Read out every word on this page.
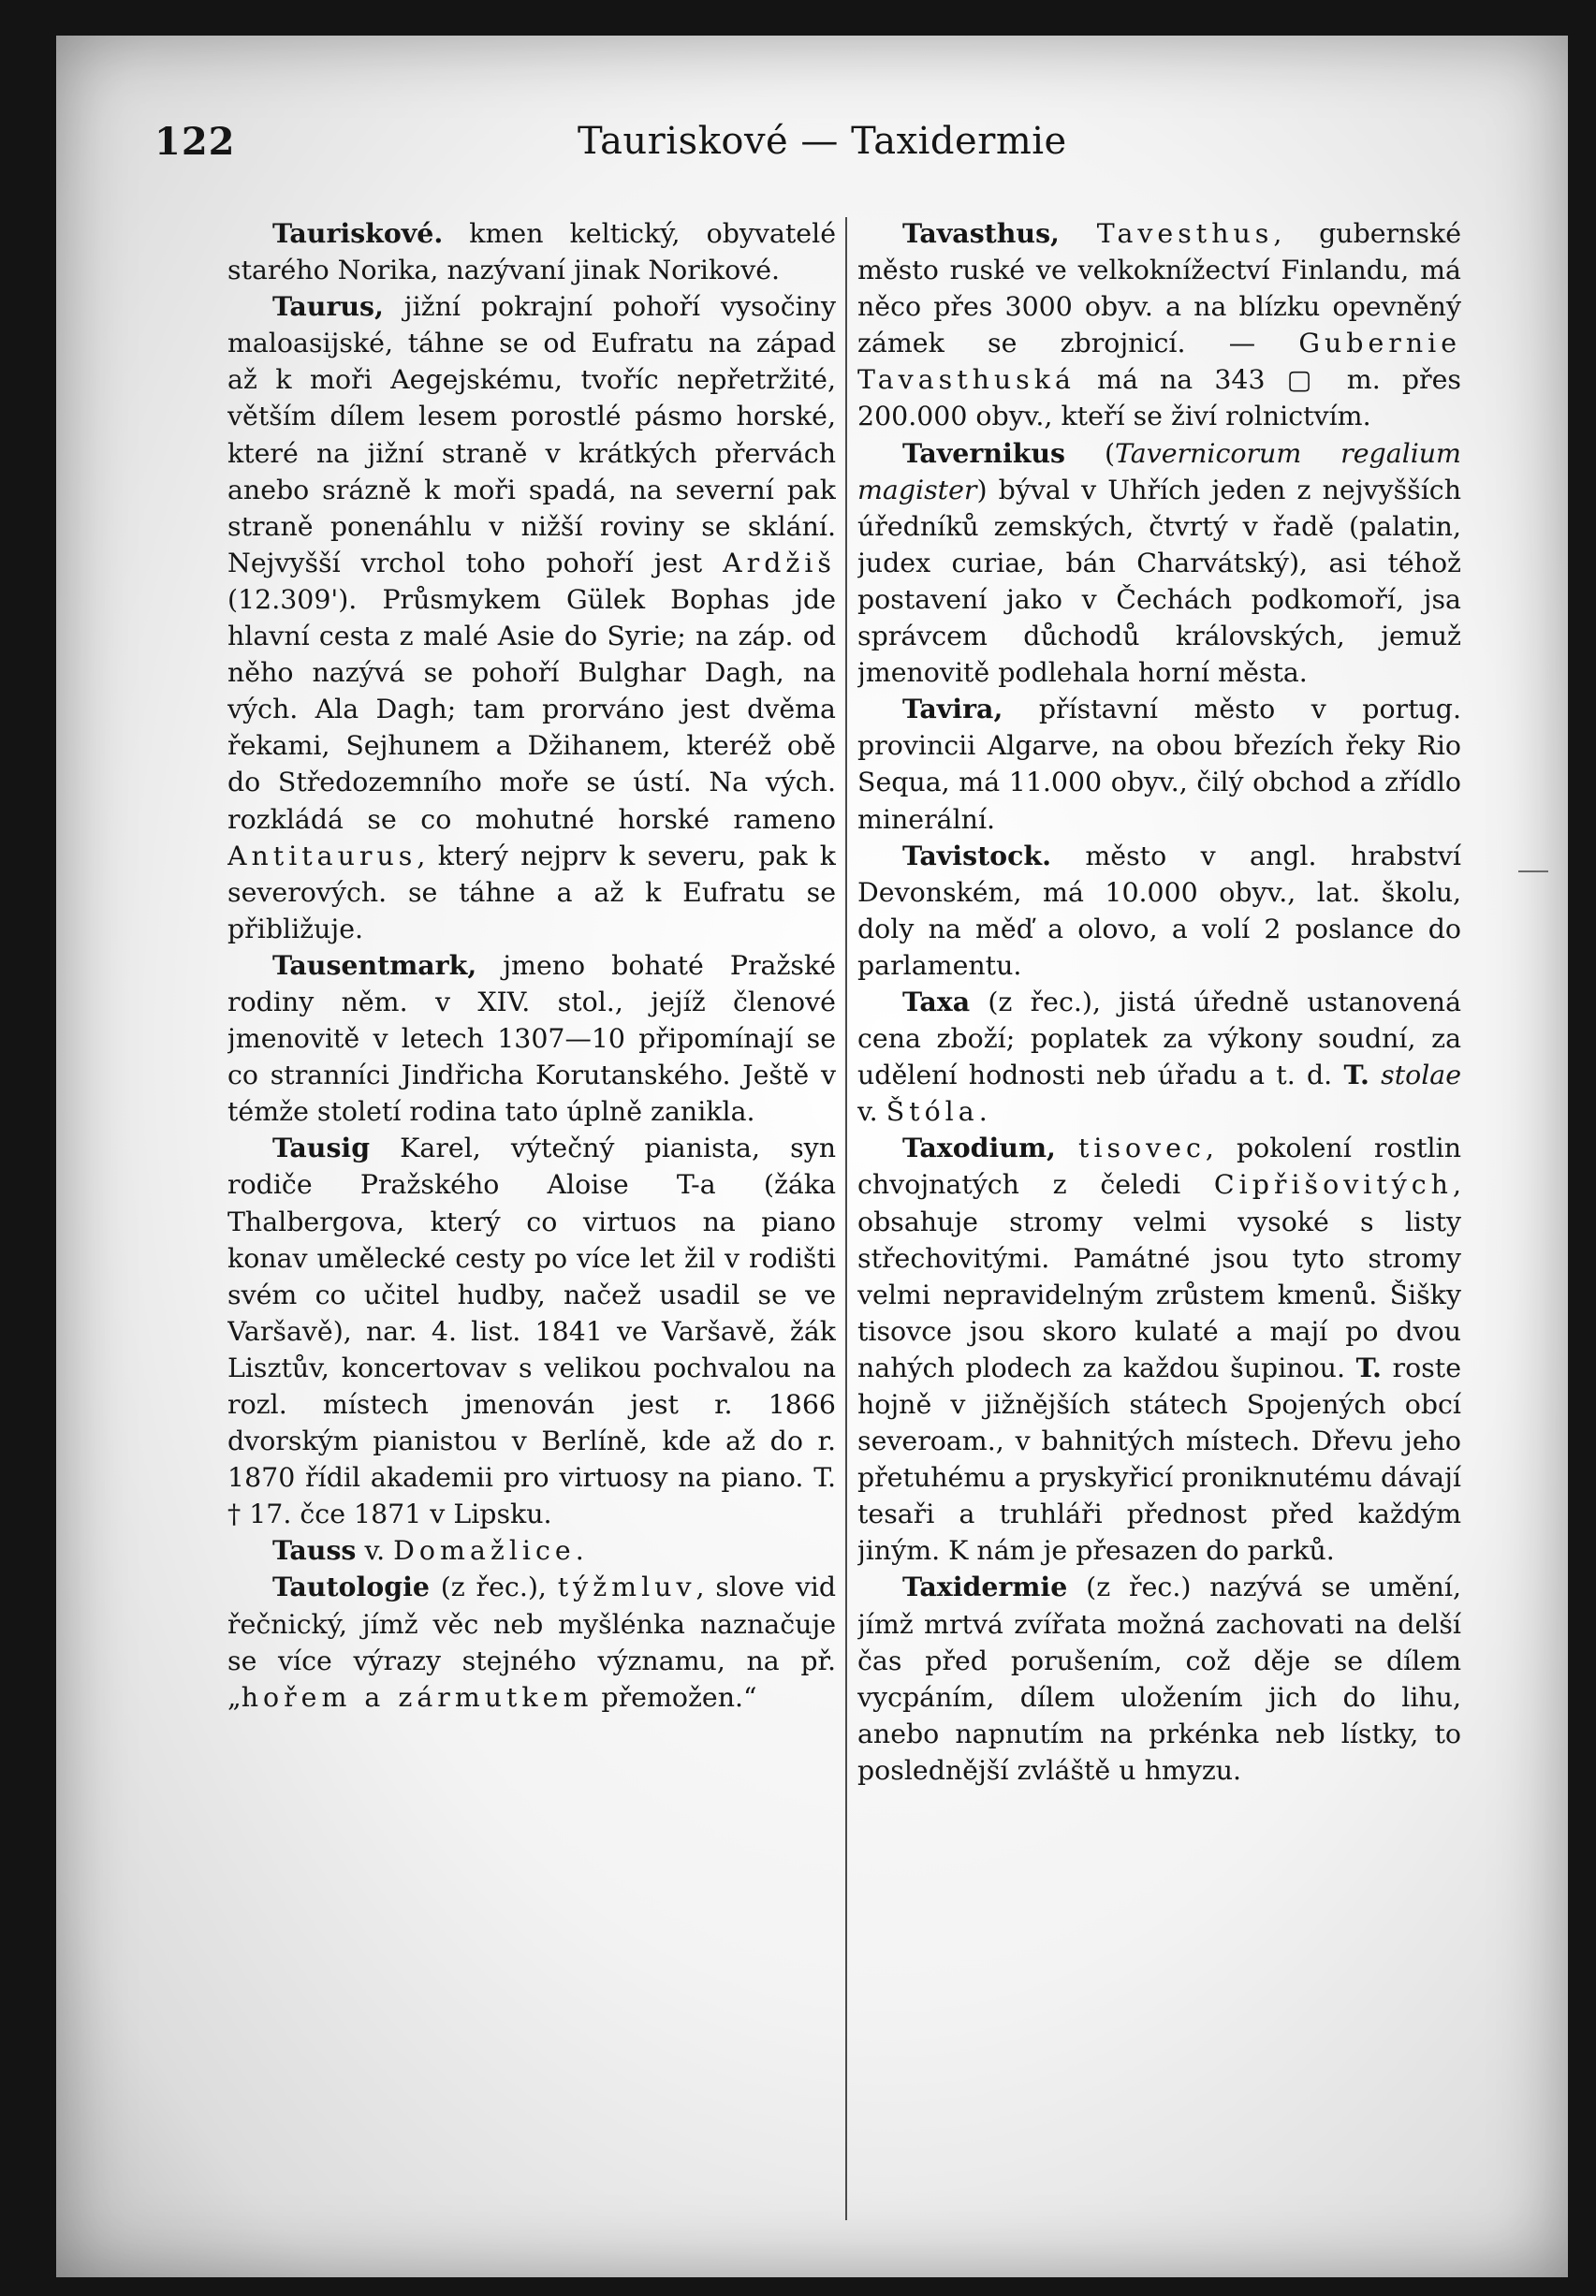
122	Tauriskové — Taxidermie

Tauriskové. kmen keltický, obyvatelé starého Norika, nazývaní jinak Norikové.

Taurus, jižní pokrajní pohoří vysočiny maloasijské, táhne se od Eufratu na západ až k moři Aegejskému, tvoříc nepřetržité, větším dílem lesem porostlé pásmo horské, které na jižní straně v krátkých přervách anebo srázně k moři spadá, na severní pak straně ponenáhlu v nižší roviny se sklání. Nejvyšší vrchol toho pohoří jest Ardžiš (12.309'). Průsmykem Gülek Bophas jde hlavní cesta z malé Asie do Syrie; na záp. od něho nazývá se pohoří Bulghar Dagh, na vých. Ala Dagh; tam prorváno jest dvěma řekami, Sejhunem a Džihanem, kteréž obě do Středozemního moře se ústí. Na vých. rozkládá se co mohutné horské rameno Antitaurus, který nejprv k severu, pak k severových. se táhne a až k Eufratu se přibližuje.

Tausentmark, jmeno bohaté Pražské rodiny něm. v XIV. stol., jejíž členové jmenovitě v letech 1307—10 připomínají se co stranníci Jindřicha Korutanského. Ještě v témže století rodina tato úplně zanikla.

Tausig Karel, výtečný pianista, syn rodiče Pražského Aloise T-a (žáka Thalbergova, který co virtuos na piano konav umělecké cesty po více let žil v rodišti svém co učitel hudby, načež usadil se ve Varšavě), nar. 4. list. 1841 ve Varšavě, žák Lisztův, koncertovav s velikou pochvalou na rozl. místech jmenován jest r. 1866 dvorským pianistou v Berlíně, kde až do r. 1870 řídil akademii pro virtuosy na piano. T. † 17. čce 1871 v Lipsku.

Tauss v. Domažlice.

Tautologie (z řec.), týžmluv, slove vid řečnický, jímž věc neb myšlénka naznačuje se více výrazy stejného významu, na př. „hořem a zármutkem přemožen.“

Tavasthus, Tavesthus, gubernské město ruské ve velkoknížectví Finlandu, má něco přes 3000 obyv. a na blízku opevněný zámek se zbrojnicí. — Gubernie Tavasthuská má na 343 ▢ m. přes 200.000 obyv., kteří se živí rolnictvím.

Tavernikus (Tavernicorum regalium magister) býval v Uhřích jeden z nejvyšších úředníků zemských, čtvrtý v řadě (palatin, judex curiae, bán Charvátský), asi téhož postavení jako v Čechách podkomoří, jsa správcem důchodů královských, jemuž jmenovitě podlehala horní města.

Tavira, přístavní město v portug. provincii Algarve, na obou březích řeky Rio Sequa, má 11.000 obyv., čilý obchod a zřídlo minerální.

Tavistock. město v angl. hrabství Devonském, má 10.000 obyv., lat. školu, doly na měď a olovo, a volí 2 poslance do parlamentu.

Taxa (z řec.), jistá úředně ustanovená cena zboží; poplatek za výkony soudní, za udělení hodnosti neb úřadu a t. d. T. stolae v. Štóla.

Taxodium, tisovec, pokolení rostlin chvojnatých z čeledi Cipřišovitých, obsahuje stromy velmi vysoké s listy střechovitými. Památné jsou tyto stromy velmi nepravidelným zrůstem kmenů. Šišky tisovce jsou skoro kulaté a mají po dvou nahých plodech za každou šupinou. T. roste hojně v jižnějších státech Spojených obcí severoam., v bahnitých místech. Dřevu jeho přetuhému a pryskyřicí proniknutému dávají tesaři a truhláři přednost před každým jiným. K nám je přesazen do parků.

Taxidermie (z řec.) nazývá se umění, jímž mrtvá zvířata možná zachovati na delší čas před porušením, což děje se dílem vycpáním, dílem uložením jich do lihu, anebo napnutím na prkénka neb lístky, to poslednější zvláště u hmyzu.
